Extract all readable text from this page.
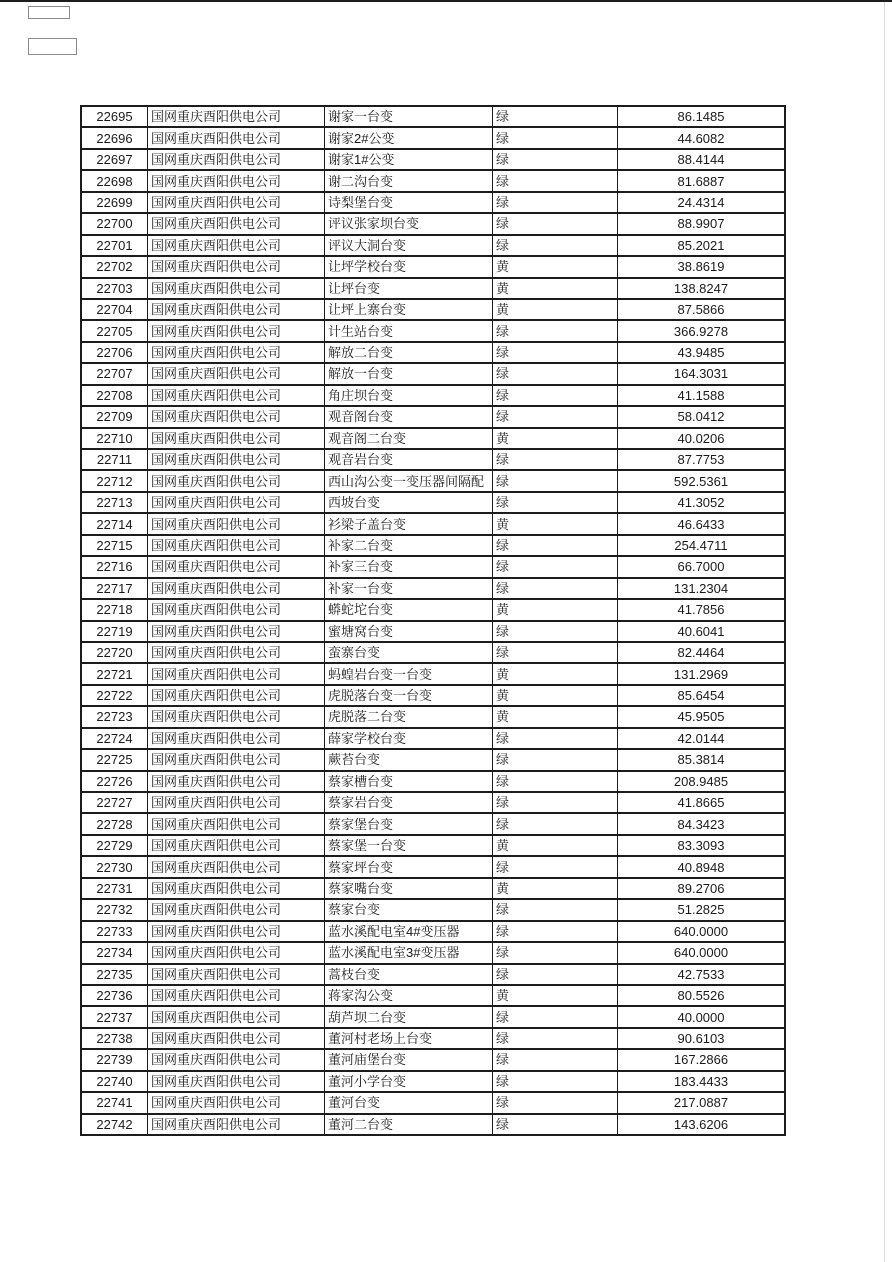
22695	国网重庆酉阳供电公司	谢家一台变	绿	86.1485
22696	国网重庆酉阳供电公司	谢家2#公变	绿	44.6082
22697	国网重庆酉阳供电公司	谢家1#公变	绿	88.4144
22698	国网重庆酉阳供电公司	谢二沟台变	绿	81.6887
22699	国网重庆酉阳供电公司	诗梨堡台变	绿	24.4314
22700	国网重庆酉阳供电公司	评议张家坝台变	绿	88.9907
22701	国网重庆酉阳供电公司	评议大洞台变	绿	85.2021
22702	国网重庆酉阳供电公司	让坪学校台变	黄	38.8619
22703	国网重庆酉阳供电公司	让坪台变	黄	138.8247
22704	国网重庆酉阳供电公司	让坪上寨台变	黄	87.5866
22705	国网重庆酉阳供电公司	计生站台变	绿	366.9278
22706	国网重庆酉阳供电公司	解放二台变	绿	43.9485
22707	国网重庆酉阳供电公司	解放一台变	绿	164.3031
22708	国网重庆酉阳供电公司	角庄坝台变	绿	41.1588
22709	国网重庆酉阳供电公司	观音阁台变	绿	58.0412
22710	国网重庆酉阳供电公司	观音阁二台变	黄	40.0206
22711	国网重庆酉阳供电公司	观音岩台变	绿	87.7753
22712	国网重庆酉阳供电公司	西山沟公变一变压器间隔配 绿	592.5361
22713	国网重庆酉阳供电公司	西坡台变	绿	41.3052
22714	国网重庆酉阳供电公司	衫梁子盖台变	黄	46.6433
22715	国网重庆酉阳供电公司	补家二台变	绿	254.4711
22716	国网重庆酉阳供电公司	补家三台变	绿	66.7000
22717	国网重庆酉阳供电公司	补家一台变	绿	131.2304
22718	国网重庆酉阳供电公司	蟒蛇坨台变	黄	41.7856
22719	国网重庆酉阳供电公司	蜜塘窝台变	绿	40.6041
22720	国网重庆酉阳供电公司	蛮寨台变	绿	82.4464
22721	国网重庆酉阳供电公司	蚂蝗岩台变一台变	黄	131.2969
22722	国网重庆酉阳供电公司	虎脱落台变一台变	黄	85.6454
22723	国网重庆酉阳供电公司	虎脱落二台变	黄	45.9505
22724	国网重庆酉阳供电公司	薛家学校台变	绿	42.0144
22725	国网重庆酉阳供电公司	蕨苔台变	绿	85.3814
22726	国网重庆酉阳供电公司	蔡家槽台变	绿	208.9485
22727	国网重庆酉阳供电公司	蔡家岩台变	绿	41.8665
22728	国网重庆酉阳供电公司	蔡家堡台变	绿	84.3423
22729	国网重庆酉阳供电公司	蔡家堡一台变	黄	83.3093
22730	国网重庆酉阳供电公司	蔡家坪台变	绿	40.8948
22731	国网重庆酉阳供电公司	蔡家嘴台变	黄	89.2706
22732	国网重庆酉阳供电公司	蔡家台变	绿	51.2825
22733	国网重庆酉阳供电公司	蓝水溪配电室4#变压器	绿	640.0000
22734	国网重庆酉阳供电公司	蓝水溪配电室3#变压器	绿	640.0000
22735	国网重庆酉阳供电公司	蒿枝台变	绿	42.7533
22736	国网重庆酉阳供电公司	蒋家沟公变	黄	80.5526
22737	国网重庆酉阳供电公司	葫芦坝二台变	绿	40.0000
22738	国网重庆酉阳供电公司	董河村老场上台变	绿	90.6103
22739	国网重庆酉阳供电公司	董河庙堡台变	绿	167.2866
22740	国网重庆酉阳供电公司	董河小学台变	绿	183.4433
22741	国网重庆酉阳供电公司	董河台变	绿	217.0887
22742	国网重庆酉阳供电公司	董河二台变	绿	143.6206
